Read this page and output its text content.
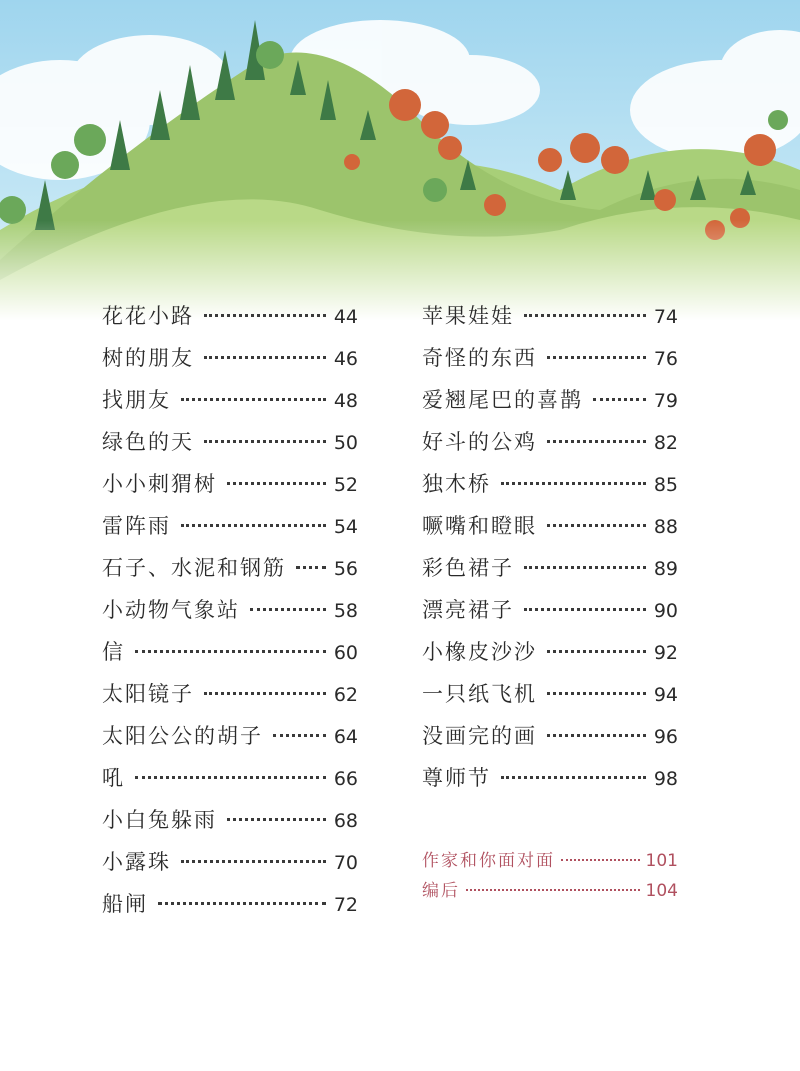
花花小路	44
树的朋友	46
找朋友	48
绿色的天	50
小小刺猬树	52
雷阵雨	54
石子、水泥和钢筋	56
小动物气象站	58
信	60
太阳镜子	62
太阳公公的胡子	64
吼	66
小白兔躲雨	68
小露珠	70
船闸	72
苹果娃娃	74
奇怪的东西	76
爱翘尾巴的喜鹊	79
好斗的公鸡	82
独木桥	85
噘嘴和瞪眼	88
彩色裙子	89
漂亮裙子	90
小橡皮沙沙	92
一只纸飞机	94
没画完的画	96
尊师节	98
作家和你面对面	101
编后	104
